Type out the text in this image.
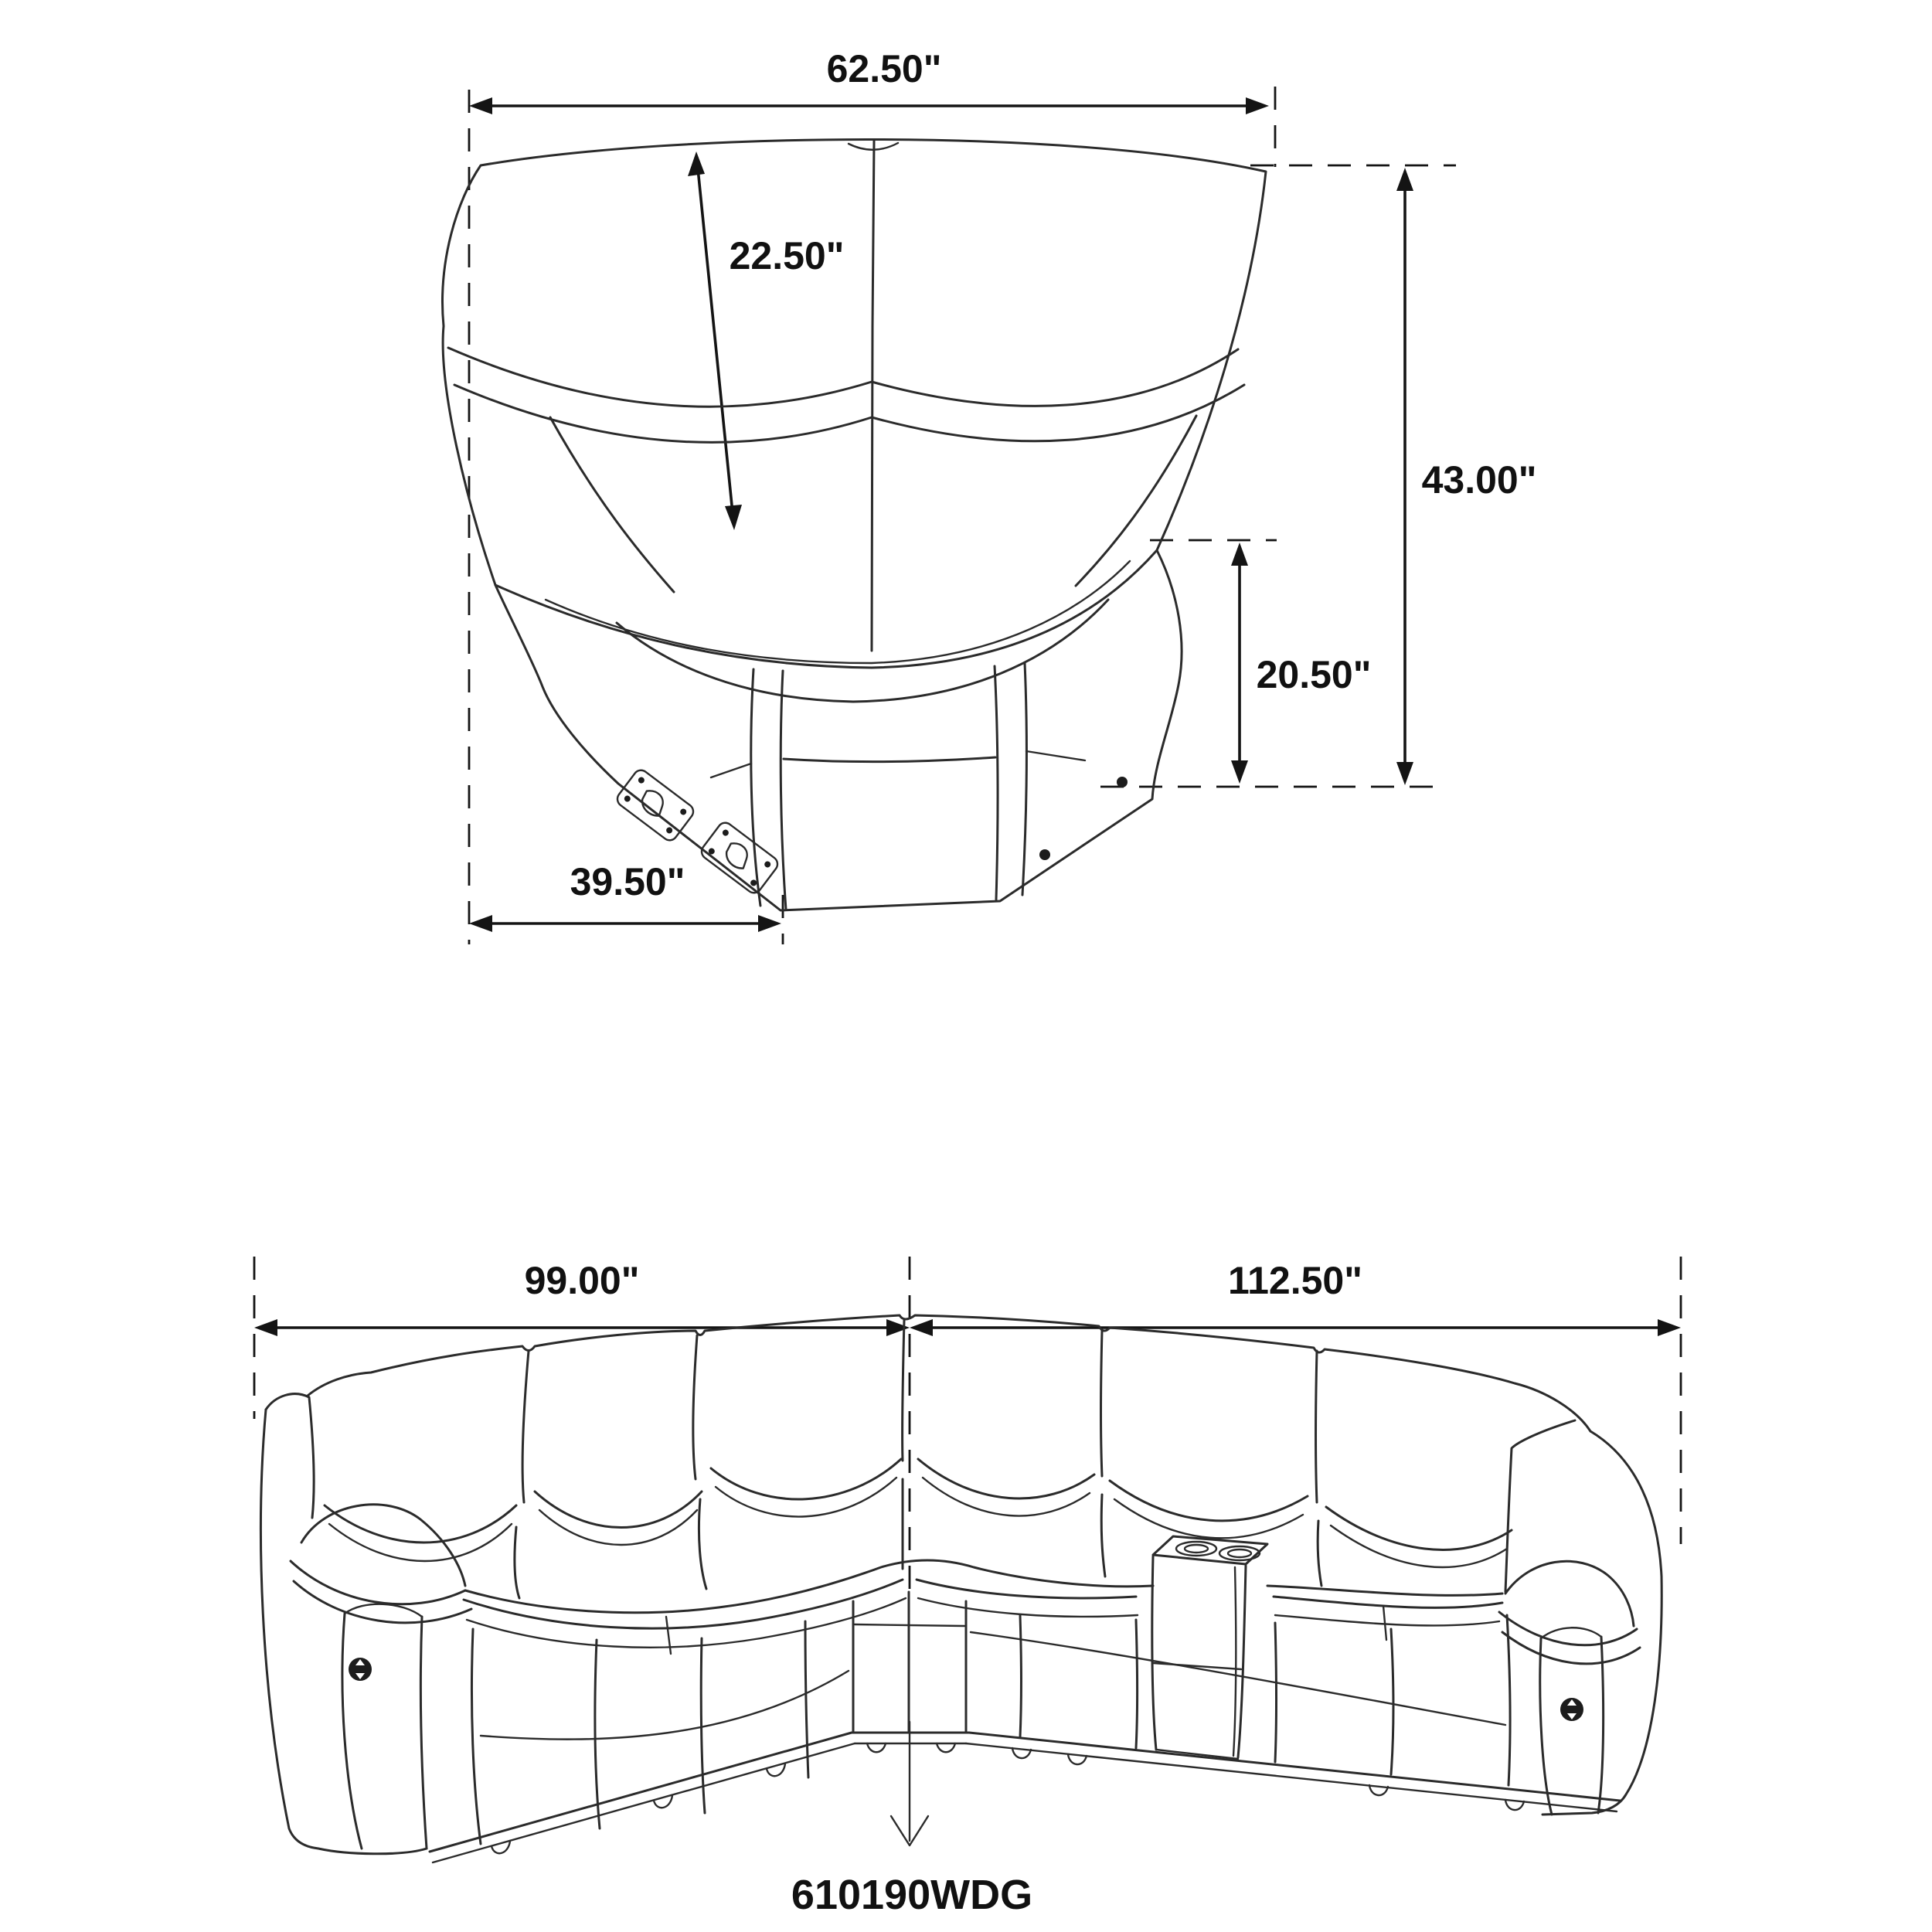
62.50"
22.50"
43.00"
20.50"
39.50"
99.00"	112.50"
610190WDG
